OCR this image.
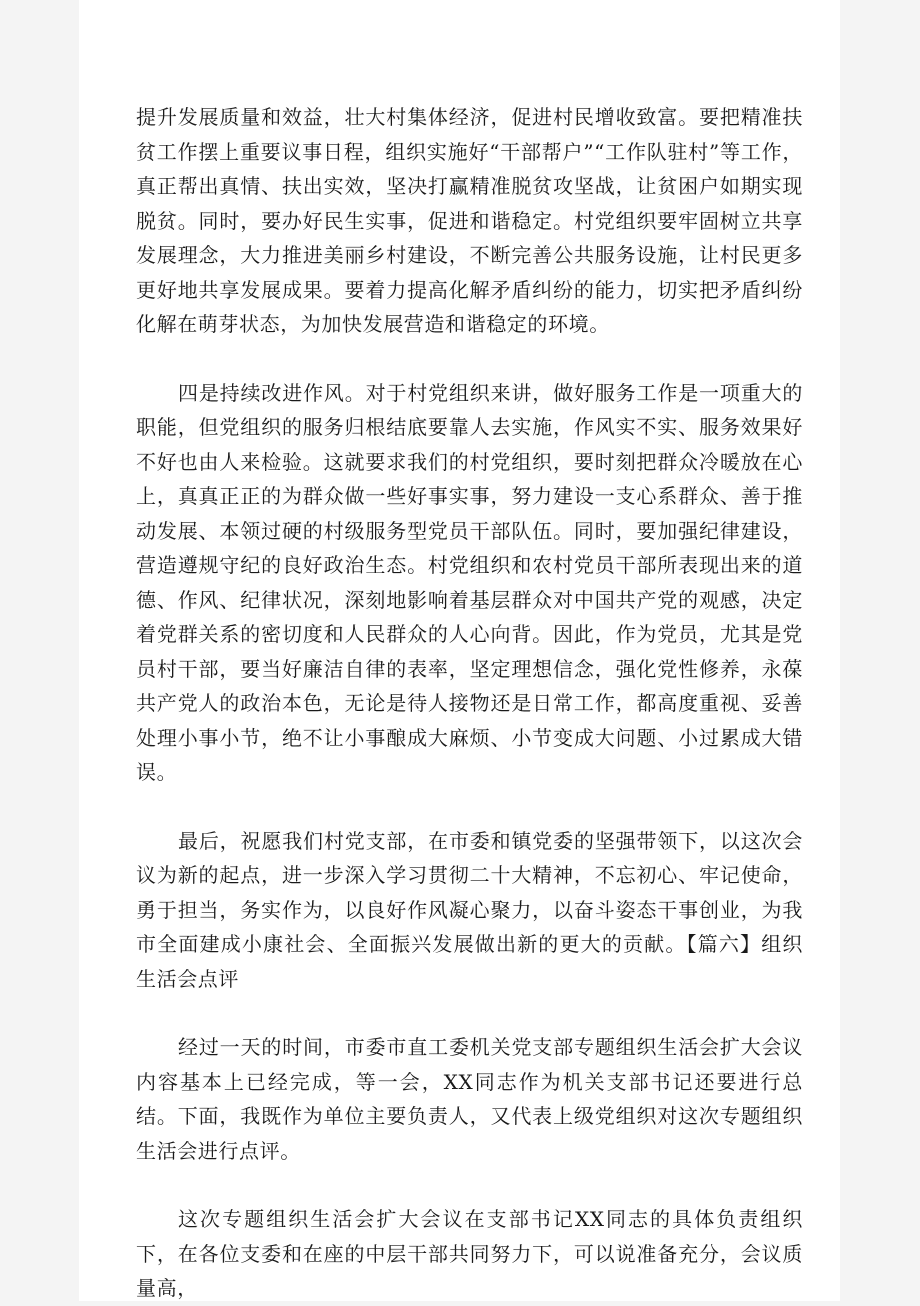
提升发展质量和效益，壮大村集体经济，促进村民增收致富。要把精准扶贫工作摆上重要议事日程，组织实施好“干部帮户”“工作队驻村”等工作，真正帮出真情、扶出实效，坚决打赢精准脱贫攻坚战，让贫困户如期实现脱贫。同时，要办好民生实事，促进和谐稳定。村党组织要牢固树立共享发展理念，大力推进美丽乡村建设，不断完善公共服务设施，让村民更多更好地共享发展成果。要着力提高化解矛盾纠纷的能力，切实把矛盾纠纷化解在萌芽状态，为加快发展营造和谐稳定的环境。

四是持续改进作风。对于村党组织来讲，做好服务工作是一项重大的职能，但党组织的服务归根结底要靠人去实施，作风实不实、服务效果好不好也由人来检验。这就要求我们的村党组织，要时刻把群众冷暖放在心上，真真正正的为群众做一些好事实事，努力建设一支心系群众、善于推动发展、本领过硬的村级服务型党员干部队伍。同时，要加强纪律建设，营造遵规守纪的良好政治生态。村党组织和农村党员干部所表现出来的道德、作风、纪律状况，深刻地影响着基层群众对中国共产党的观感，决定着党群关系的密切度和人民群众的人心向背。因此，作为党员，尤其是党员村干部，要当好廉洁自律的表率，坚定理想信念，强化党性修养，永葆共产党人的政治本色，无论是待人接物还是日常工作，都高度重视、妥善处理小事小节，绝不让小事酿成大麻烦、小节变成大问题、小过累成大错误。

最后，祝愿我们村党支部，在市委和镇党委的坚强带领下，以这次会议为新的起点，进一步深入学习贯彻二十大精神，不忘初心、牢记使命，勇于担当，务实作为，以良好作风凝心聚力，以奋斗姿态干事创业，为我市全面建成小康社会、全面振兴发展做出新的更大的贡献。【篇六】组织生活会点评

经过一天的时间，市委市直工委机关党支部专题组织生活会扩大会议内容基本上已经完成，等一会，XX同志作为机关支部书记还要进行总结。下面，我既作为单位主要负责人，又代表上级党组织对这次专题组织生活会进行点评。

这次专题组织生活会扩大会议在支部书记XX同志的具体负责组织下，在各位支委和在座的中层干部共同努力下，可以说准备充分，会议质量高，
